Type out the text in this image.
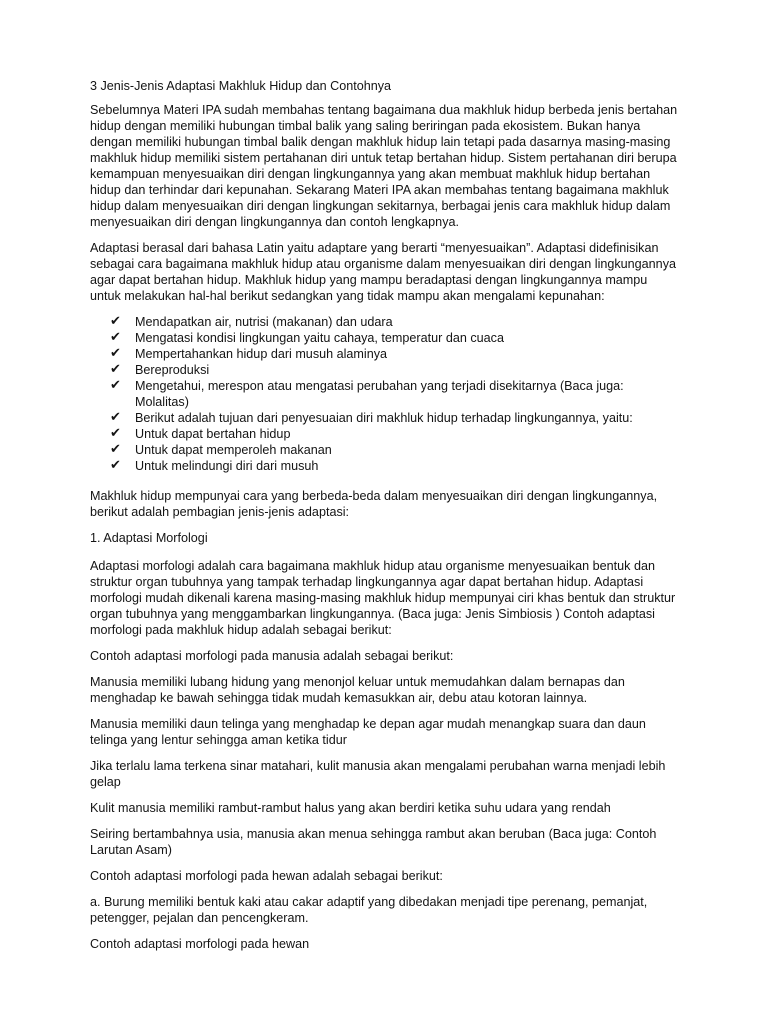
3 Jenis-Jenis Adaptasi Makhluk Hidup dan Contohnya

Sebelumnya Materi IPA sudah membahas tentang bagaimana dua makhluk hidup berbeda jenis bertahan hidup dengan memiliki hubungan timbal balik yang saling beriringan pada ekosistem. Bukan hanya dengan memiliki hubungan timbal balik dengan makhluk hidup lain tetapi pada dasarnya masing-masing makhluk hidup memiliki sistem pertahanan diri untuk tetap bertahan hidup. Sistem pertahanan diri berupa kemampuan menyesuaikan diri dengan lingkungannya yang akan membuat makhluk hidup bertahan hidup dan terhindar dari kepunahan. Sekarang Materi IPA akan membahas tentang bagaimana makhluk hidup dalam menyesuaikan diri dengan lingkungan sekitarnya, berbagai jenis cara makhluk hidup dalam menyesuaikan diri dengan lingkungannya dan contoh lengkapnya.

Adaptasi berasal dari bahasa Latin yaitu adaptare yang berarti “menyesuaikan”. Adaptasi didefinisikan sebagai cara bagaimana makhluk hidup atau organisme dalam menyesuaikan diri dengan lingkungannya agar dapat bertahan hidup. Makhluk hidup yang mampu beradaptasi dengan lingkungannya mampu untuk melakukan hal-hal berikut sedangkan yang tidak mampu akan mengalami kepunahan:

✔ Mendapatkan air, nutrisi (makanan) dan udara
✔ Mengatasi kondisi lingkungan yaitu cahaya, temperatur dan cuaca
✔ Mempertahankan hidup dari musuh alaminya
✔ Bereproduksi
✔ Mengetahui, merespon atau mengatasi perubahan yang terjadi disekitarnya (Baca juga: Molalitas)
✔ Berikut adalah tujuan dari penyesuaian diri makhluk hidup terhadap lingkungannya, yaitu:
✔ Untuk dapat bertahan hidup
✔ Untuk dapat memperoleh makanan
✔ Untuk melindungi diri dari musuh

Makhluk hidup mempunyai cara yang berbeda-beda dalam menyesuaikan diri dengan lingkungannya, berikut adalah pembagian jenis-jenis adaptasi:

1. Adaptasi Morfologi

Adaptasi morfologi adalah cara bagaimana makhluk hidup atau organisme menyesuaikan bentuk dan struktur organ tubuhnya yang tampak terhadap lingkungannya agar dapat bertahan hidup. Adaptasi morfologi mudah dikenali karena masing-masing makhluk hidup mempunyai ciri khas bentuk dan struktur organ tubuhnya yang menggambarkan lingkungannya. (Baca juga: Jenis Simbiosis ) Contoh adaptasi morfologi pada makhluk hidup adalah sebagai berikut:

Contoh adaptasi morfologi pada manusia adalah sebagai berikut:

Manusia memiliki lubang hidung yang menonjol keluar untuk memudahkan dalam bernapas dan menghadap ke bawah sehingga tidak mudah kemasukkan air, debu atau kotoran lainnya.

Manusia memiliki daun telinga yang menghadap ke depan agar mudah menangkap suara dan daun telinga yang lentur sehingga aman ketika tidur

Jika terlalu lama terkena sinar matahari, kulit manusia akan mengalami perubahan warna menjadi lebih gelap

Kulit manusia memiliki rambut-rambut halus yang akan berdiri ketika suhu udara yang rendah

Seiring bertambahnya usia, manusia akan menua sehingga rambut akan beruban (Baca juga: Contoh Larutan Asam)

Contoh adaptasi morfologi pada hewan adalah sebagai berikut:

a. Burung memiliki bentuk kaki atau cakar adaptif yang dibedakan menjadi tipe perenang, pemanjat, petengger, pejalan dan pencengkeram.

Contoh adaptasi morfologi pada hewan
